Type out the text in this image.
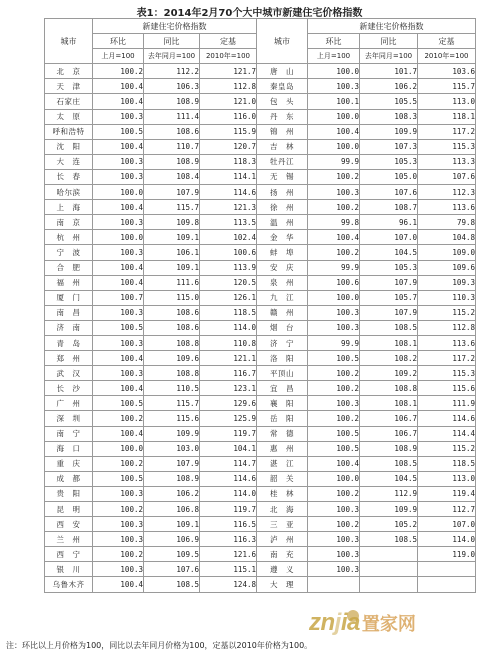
表1：2014年2月70个大中城市新建住宅价格指数
城市	新建住宅价格指数			城市	新建住宅价格指数		
	环比	同比	定基		环比	同比	定基
	上月=100	去年同月=100	2010年=100		上月=100	去年同月=100	2010年=100
北　京	100.2	112.2	121.7	唐　山	100.0	101.7	103.6
天　津	100.4	106.3	112.8	秦皇岛	100.3	106.2	115.7
石家庄	100.4	108.9	121.0	包　头	100.1	105.5	113.0
太　原	100.3	111.4	116.0	丹　东	100.0	108.3	118.1
呼和浩特	100.5	108.6	115.9	锦　州	100.4	109.9	117.2
沈　阳	100.4	110.7	120.7	吉　林	100.0	107.3	115.3
大　连	100.3	108.9	118.3	牡丹江	99.9	105.3	113.3
长　春	100.3	108.4	114.1	无　锡	100.2	105.0	107.6
哈尔滨	100.0	107.9	114.6	扬　州	100.3	107.6	112.3
上　海	100.4	115.7	121.3	徐　州	100.2	108.7	113.6
南　京	100.3	109.8	113.5	温　州	99.8	96.1	79.8
杭　州	100.0	109.1	102.4	金　华	100.4	107.0	104.8
宁　波	100.3	106.1	100.6	蚌　埠	100.2	104.5	109.0
合　肥	100.4	109.1	113.9	安　庆	99.9	105.3	109.6
福　州	100.4	111.6	120.5	泉　州	100.6	107.9	109.3
厦　门	100.7	115.0	126.1	九　江	100.0	105.7	110.3
南　昌	100.3	108.6	118.5	赣　州	100.3	107.9	115.2
济　南	100.5	108.6	114.0	烟　台	100.3	108.5	112.8
青　岛	100.3	108.8	110.8	济　宁	99.9	108.1	113.6
郑　州	100.4	109.6	121.1	洛　阳	100.5	108.2	117.2
武　汉	100.3	108.8	116.7	平顶山	100.2	109.2	115.3
长　沙	100.4	110.5	123.1	宜　昌	100.2	108.8	115.6
广　州	100.5	115.7	129.6	襄　阳	100.3	108.1	111.9
深　圳	100.2	115.6	125.9	岳　阳	100.2	106.7	114.6
南　宁	100.4	109.9	119.7	常　德	100.5	106.7	114.4
海　口	100.0	103.0	104.1	惠　州	100.5	108.9	115.2
重　庆	100.2	107.9	114.7	湛　江	100.4	108.5	118.5
成　都	100.5	108.9	114.6	韶　关	100.0	104.5	113.0
贵　阳	100.3	106.2	114.0	桂　林	100.2	112.9	119.4
昆　明	100.2	106.8	119.7	北　海	100.3	109.9	112.7
西　安	100.3	109.1	116.5	三　亚	100.2	105.2	107.0
兰　州	100.3	106.9	116.3	泸　州	100.3	108.5	114.0
西　宁	100.2	109.5	121.6	南　充	100.3		119.0
银　川	100.3	107.6	115.1	遵　义	100.3		
乌鲁木齐	100.4	108.5	124.8	大　理			
注：环比以上月价格为100，同比以去年同月价格为100，定基以2010年价格为100。
znjia 置家网
